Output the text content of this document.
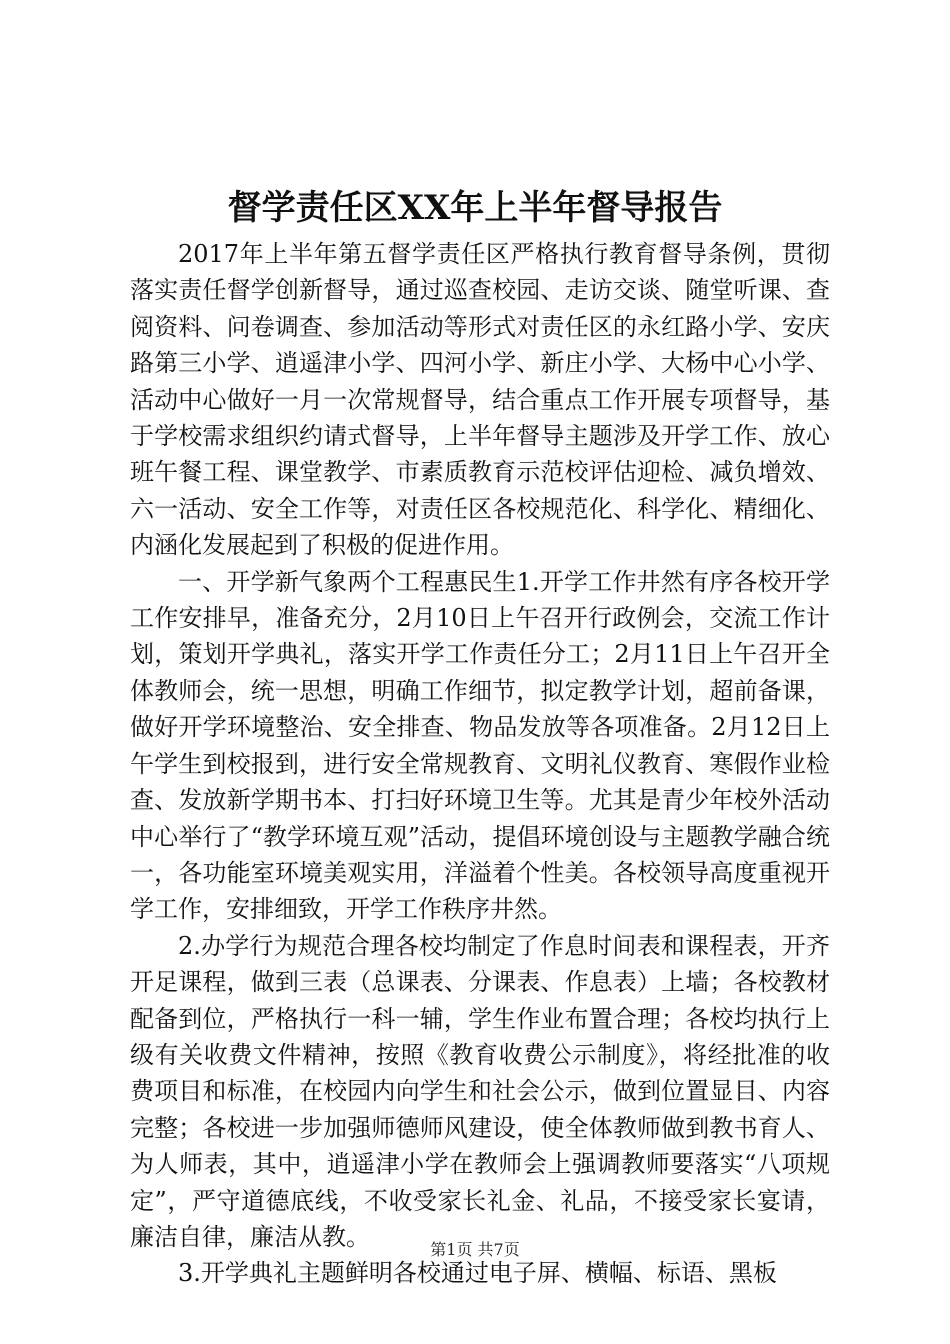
督学责任区XX年上半年督导报告

2017年上半年第五督学责任区严格执行教育督导条例，贯彻落实责任督学创新督导，通过巡查校园、走访交谈、随堂听课、查阅资料、问卷调查、参加活动等形式对责任区的永红路小学、安庆路第三小学、逍遥津小学、四河小学、新庄小学、大杨中心小学、活动中心做好一月一次常规督导，结合重点工作开展专项督导，基于学校需求组织约请式督导，上半年督导主题涉及开学工作、放心班午餐工程、课堂教学、市素质教育示范校评估迎检、减负增效、六一活动、安全工作等，对责任区各校规范化、科学化、精细化、内涵化发展起到了积极的促进作用。

一、开学新气象两个工程惠民生1.开学工作井然有序各校开学工作安排早，准备充分，2月10日上午召开行政例会，交流工作计划，策划开学典礼，落实开学工作责任分工；2月11日上午召开全体教师会，统一思想，明确工作细节，拟定教学计划，超前备课，做好开学环境整治、安全排查、物品发放等各项准备。2月12日上午学生到校报到，进行安全常规教育、文明礼仪教育、寒假作业检查、发放新学期书本、打扫好环境卫生等。尤其是青少年校外活动中心举行了“教学环境互观”活动，提倡环境创设与主题教学融合统一，各功能室环境美观实用，洋溢着个性美。各校领导高度重视开学工作，安排细致，开学工作秩序井然。

2.办学行为规范合理各校均制定了作息时间表和课程表，开齐开足课程，做到三表（总课表、分课表、作息表）上墙；各校教材配备到位，严格执行一科一辅，学生作业布置合理；各校均执行上级有关收费文件精神，按照《教育收费公示制度》，将经批准的收费项目和标准，在校园内向学生和社会公示，做到位置显目、内容完整；各校进一步加强师德师风建设，使全体教师做到教书育人、为人师表，其中，逍遥津小学在教师会上强调教师要落实“八项规定”，严守道德底线，不收受家长礼金、礼品，不接受家长宴请，廉洁自律，廉洁从教。

3.开学典礼主题鲜明各校通过电子屏、横幅、标语、黑板

第1页 共7页
